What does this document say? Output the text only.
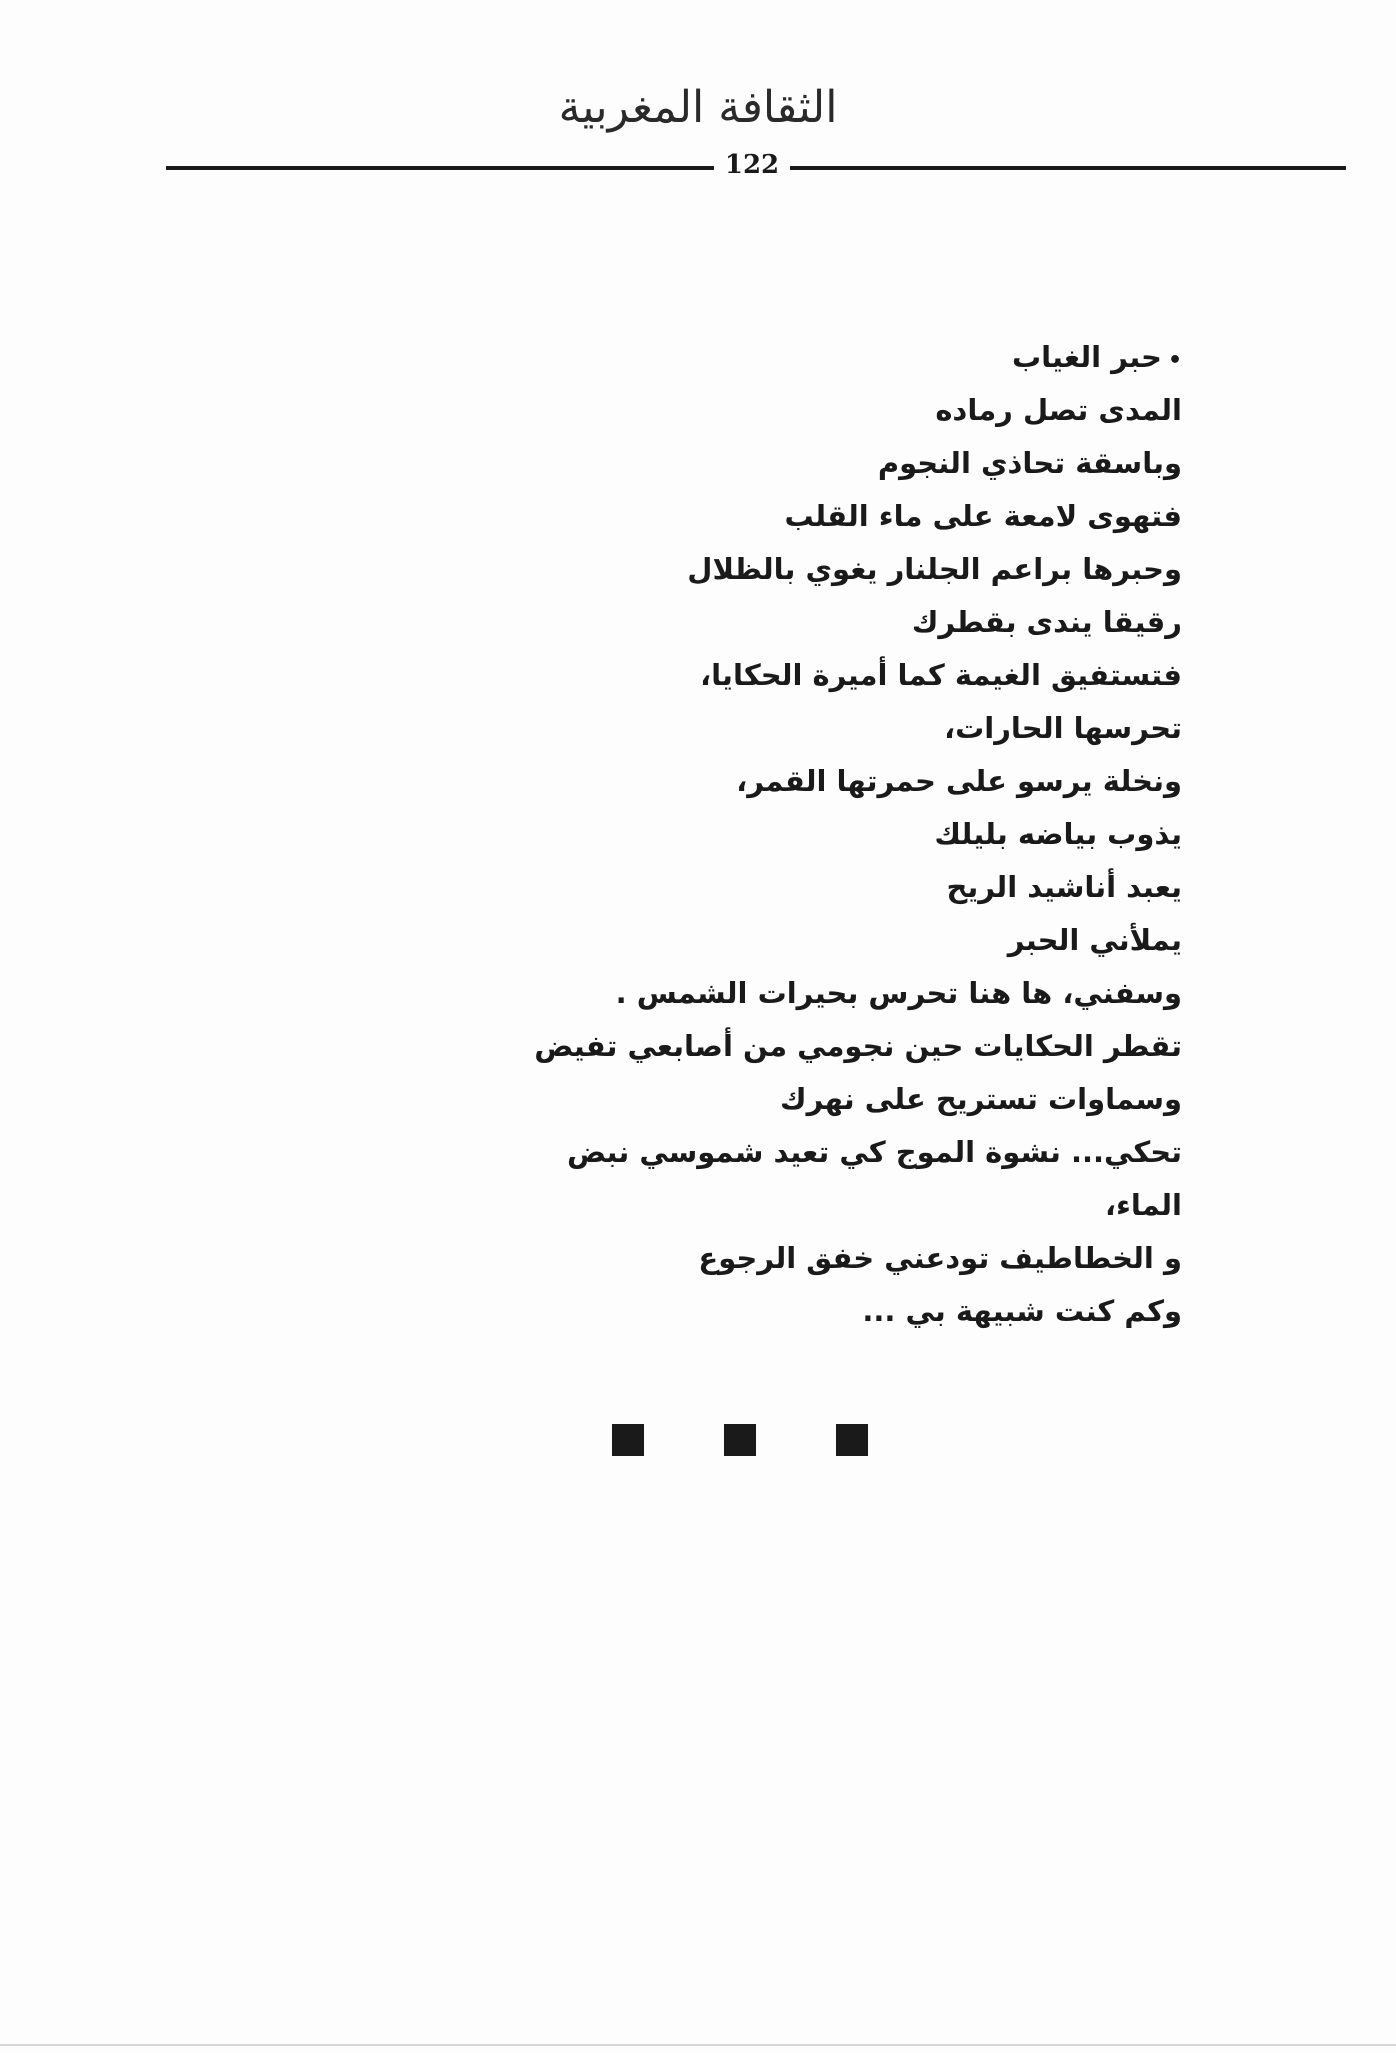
الثقافة المغربية
122
•حبر الغياب
المدى تصل رماده
وباسقة تحاذي النجوم
فتهوى لامعة على ماء القلب
وحبرها براعم الجلنار يغوي بالظلال
رقيقا يندى بقطرك
فتستفيق الغيمة كما أميرة الحكايا،
تحرسها الحارات،
ونخلة يرسو على حمرتها القمر،
يذوب بياضه بليلك
يعبد أناشيد الريح
يملأني الحبر
وسفني، ها هنا تحرس بحيرات الشمس .
تقطر الحكايات حين نجومي من أصابعي تفيض
وسماوات تستريح على نهرك
تحكي... نشوة الموج كي تعيد شموسي نبض
الماء،
و الخطاطيف تودعني خفق الرجوع
وكم كنت شبيهة بي ...
